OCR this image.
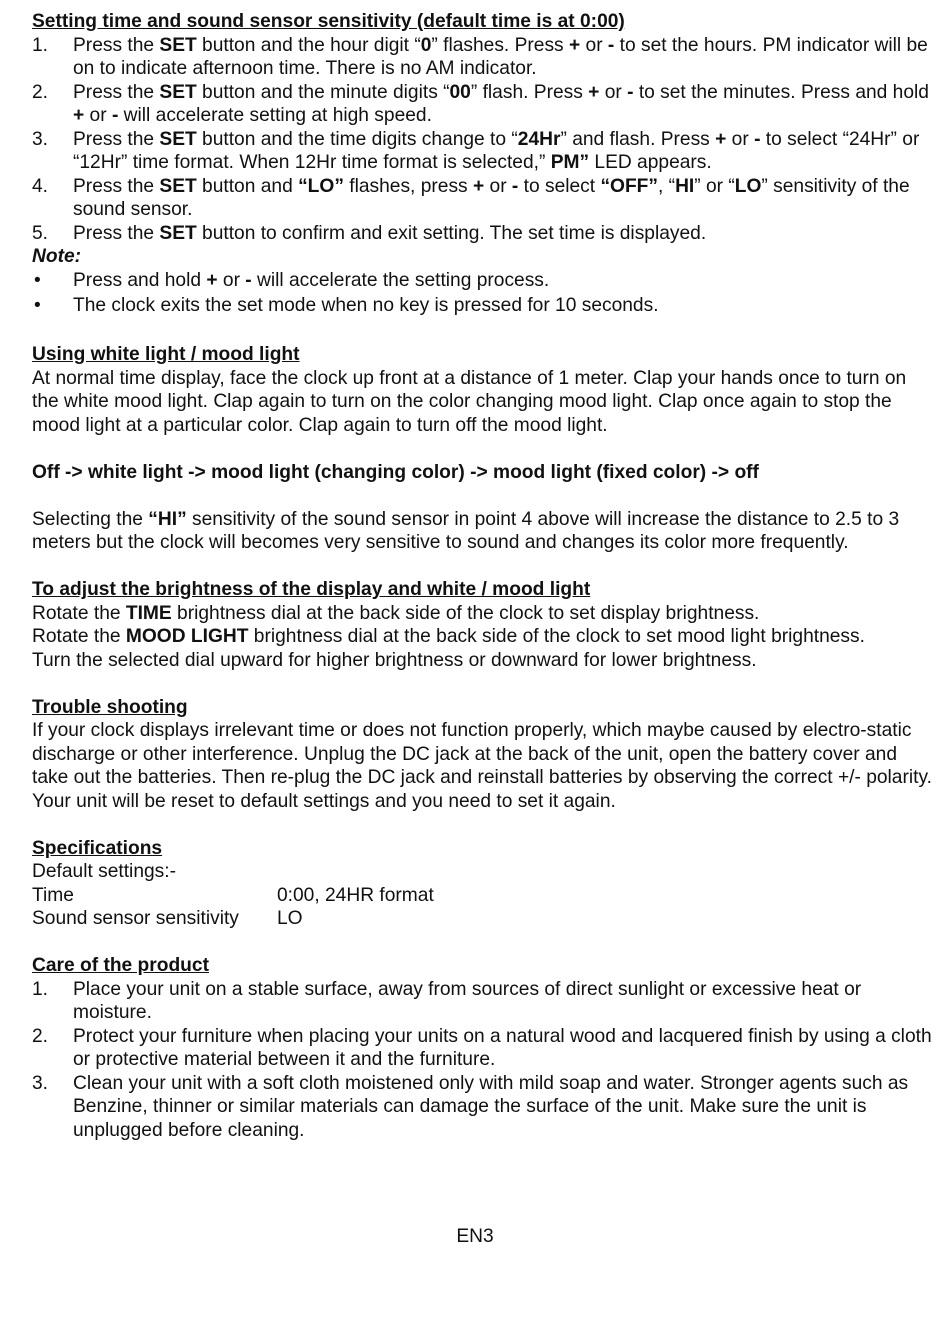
Setting time and sound sensor sensitivity (default time is at 0:00)
1.	Press the SET button and the hour digit “0” flashes. Press + or - to set the hours. PM indicator will be on to indicate afternoon time. There is no AM indicator.
2.	Press the SET button and the minute digits “00” flash. Press + or - to set the minutes. Press and hold + or - will accelerate setting at high speed.
3.	Press the SET button and the time digits change to “24Hr” and flash. Press + or - to select “24Hr” or “12Hr” time format. When 12Hr time format is selected,” PM” LED appears.
4.	Press the SET button and “LO” flashes, press + or - to select “OFF”, “HI” or “LO” sensitivity of the sound sensor.
5.	Press the SET button to confirm and exit setting. The set time is displayed.
Note:
•	Press and hold + or - will accelerate the setting process.
•	The clock exits the set mode when no key is pressed for 10 seconds.
Using white light / mood light
At normal time display, face the clock up front at a distance of 1 meter. Clap your hands once to turn on the white mood light. Clap again to turn on the color changing mood light. Clap once again to stop the mood light at a particular color. Clap again to turn off the mood light.
Off -> white light -> mood light (changing color) -> mood light (fixed color) -> off
Selecting the “HI” sensitivity of the sound sensor in point 4 above will increase the distance to 2.5 to 3 meters but the clock will becomes very sensitive to sound and changes its color more frequently.
To adjust the brightness of the display and white / mood light
Rotate the TIME brightness dial at the back side of the clock to set display brightness.
Rotate the MOOD LIGHT brightness dial at the back side of the clock to set mood light brightness.
Turn the selected dial upward for higher brightness or downward for lower brightness.
Trouble shooting
If your clock displays irrelevant time or does not function properly, which maybe caused by electro-static discharge or other interference. Unplug the DC jack at the back of the unit, open the battery cover and take out the batteries. Then re-plug the DC jack and reinstall batteries by observing the correct +/- polarity. Your unit will be reset to default settings and you need to set it again.
Specifications
Default settings:-
Time	0:00, 24HR format
Sound sensor sensitivity	LO
Care of the product
1.	Place your unit on a stable surface, away from sources of direct sunlight or excessive heat or moisture.
2.	Protect your furniture when placing your units on a natural wood and lacquered finish by using a cloth or protective material between it and the furniture.
3.	Clean your unit with a soft cloth moistened only with mild soap and water. Stronger agents such as Benzine, thinner or similar materials can damage the surface of the unit. Make sure the unit is unplugged before cleaning.
EN3
